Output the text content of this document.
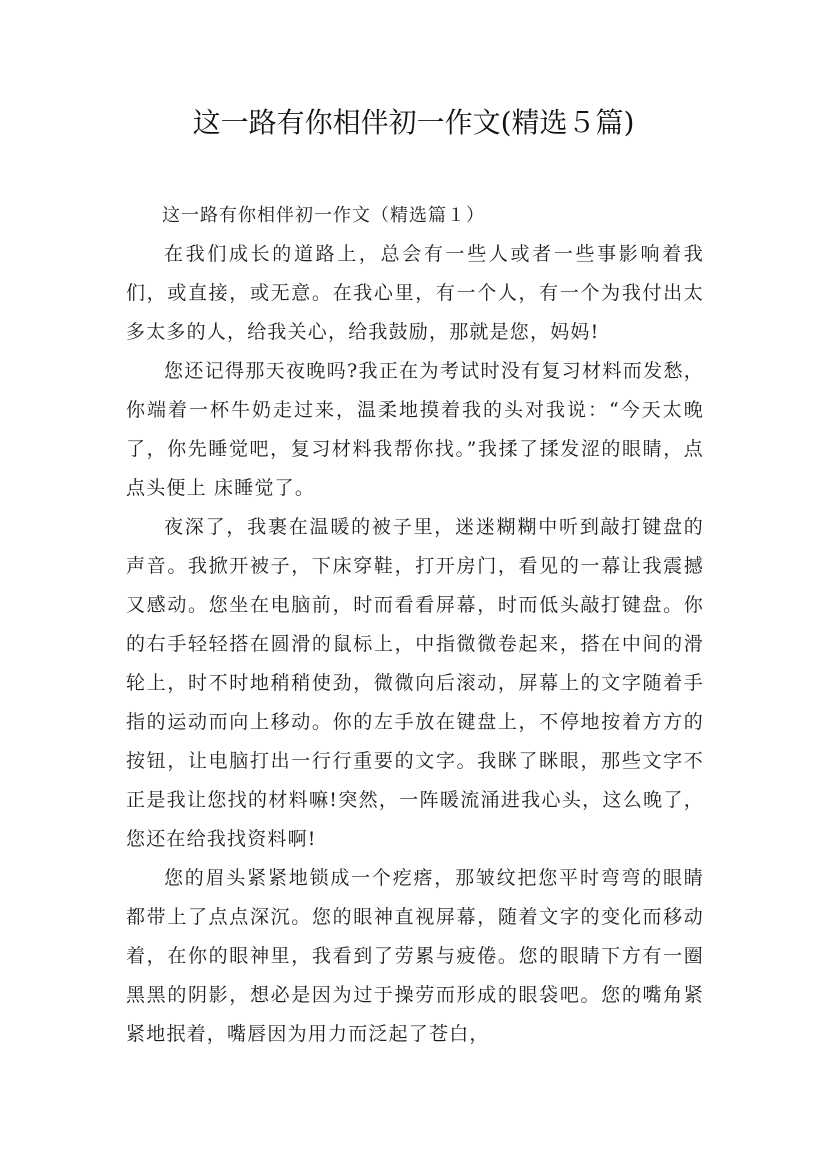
这一路有你相伴初一作文(精选５篇)
这一路有你相伴初一作文（精选篇１）

在我们成长的道路上，总会有一些人或者一些事影响着我们，或直接，或无意。在我心里，有一个人，有一个为我付出太多太多的人，给我关心，给我鼓励，那就是您，妈妈!

您还记得那天夜晚吗?我正在为考试时没有复习材料而发愁，你端着一杯牛奶走过来，温柔地摸着我的头对我说：“今天太晚了，你先睡觉吧，复习材料我帮你找。”我揉了揉发涩的眼睛，点点头便上 床睡觉了。

夜深了，我裹在温暖的被子里，迷迷糊糊中听到敲打键盘的声音。我掀开被子，下床穿鞋，打开房门，看见的一幕让我震撼又感动。您坐在电脑前，时而看看屏幕，时而低头敲打键盘。你的右手轻轻搭在圆滑的鼠标上，中指微微卷起来，搭在中间的滑轮上，时不时地稍稍使劲，微微向后滚动，屏幕上的文字随着手指的运动而向上移动。你的左手放在键盘上，不停地按着方方的按钮，让电脑打出一行行重要的文字。我眯了眯眼，那些文字不正是我让您找的材料嘛!突然，一阵暖流涌进我心头，这么晚了，您还在给我找资料啊!

您的眉头紧紧地锁成一个疙瘩，那皱纹把您平时弯弯的眼睛都带上了点点深沉。您的眼神直视屏幕，随着文字的变化而移动着，在你的眼神里，我看到了劳累与疲倦。您的眼睛下方有一圈黑黑的阴影，想必是因为过于操劳而形成的眼袋吧。您的嘴角紧紧地抿着，嘴唇因为用力而泛起了苍白，
